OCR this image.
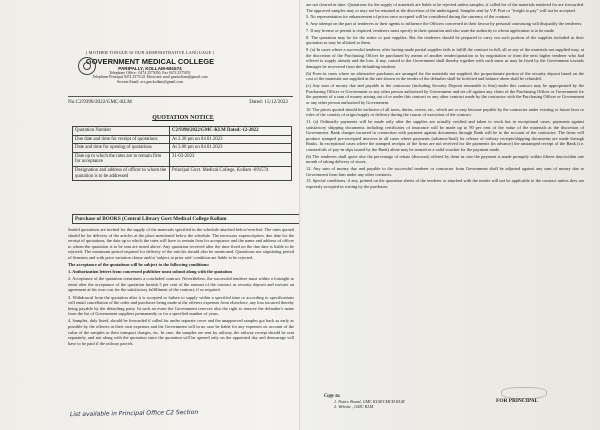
( MOTHER TONGUE IS OUR ADMINISTRATIVE LANGUAGE )
GOVERNMENT MEDICAL COLLEGE
PARIPALLY, KOLLAM-691574
Telephone Office : 0474 2575050, Fax 0474 2575051
Telephone Principal 0474 2575121 Electronic mail gmckollam@gmail.com
Section Email: acs.gmckollam@gmail.com
No.C2/9390/2022/GMC-KLM	Dated: 15/12/2022
QUOTATION NOTICE
Quotation Number	C2/9390/2022/GMC-KLM Dated:-12-2022
Due date and time for receipt of quotations	At 2.30 pm on 04.01.2023
Date and time for opening of quotations	At 3.00 pm on 04.01.2023
Date up to which the rates are to remain firm for acceptance	31-03-2023
Designation and address of officer to whom the quotation is to be addressed	Principal Govt. Medical College, Kollam -691574
Purchase of BOOKS (Central Library Govt Medical College Kollam

Sealed quotations are invited for the supply of the materials specified in the schedule attached below/overleaf. The rates quoted should be for delivery of the articles at the place mentioned below the schedule. The necessary superscription, due date for the receipt of quotations, the date up to which the rates will have to remain firm for acceptance and the name and address of officer to whom the quotation is to be sent are noted above. Any quotation received after the time fixed on the due date is liable to be rejected. The maximum period required for delivery of the articles should also be mentioned. Quotations not stipulating period of firmness and with price variation clause and/or 'subject to prior sale' condition are liable to be rejected.

The acceptance of the quotations will be subject to the following conditions:

1. Authorization letters from concerned publisher must submit along with the quotation

2. Acceptance of the quotation constitutes a concluded contract. Nevertheless, the successful tenderer must within a fortnight to remit after the acceptance of the quotation furnish 5 per cent of the amount of the contract as security deposit and execute an agreement at his own cost for the satisfactory fulfillment of the contract, if so required.

3. Withdrawal from the quotation after it is accepted or failure to supply within a specified time or according to specifications will entail cancellation of the order and purchases being made at the offerers expenses from elsewhere, any loss incurred thereby being payable by the defaulting party. In such an event the Government reserves also the right to remove the defaulter's name from the list of Government suppliers permanently or for a specified number of years.

4. Samples, duly listed, should be forwarded if called for under separate cover and the unapproved samples got back as early as possible by the offerers at their own expenses and the Government will in no case be liable for any expenses on account of the value of the samples or their transport charges, etc. In case, the samples are sent by railway, the railway receipt should be sent separately, and not along with the quotation since the quotation will be opened only on the appointed day and demurrage will have to be paid if the railway parcels

List available in Principal Office C2 Section

are not cleared in time. Quotations for the supply of materials are liable to be rejected unless samples, if called for of the materials tendered for are forwarded. The approved samples may or may not be returned at the discretion of the undersigned. Samples sent by V.P. Post or "freight to pay" will not be accepted.

5. No representation for enhancement of prices once accepted will be considered during the currency of the contract.

6. Any attempt on the part of tenderers or their agents to influence the Officers concerned in their favour by personal canvassing will disqualify the tenderers.

7. If any license or permit is required, tenderers must specify in their quotation and also state the authority to whom application is to be made.

8. The quotation may be for the entire or part supplies. But the tenderers should be prepared to carry out such portion of the supplies included in their quotation as may be allotted to them.

9. (a) In cases where a successful tenderer, after having made partial supplies fails to fulfill the contract in full, all or any of the materials not supplied may, at the discretion of the Purchasing Officer be purchased by means of another tender/quotation or by negotiation or from the next higher tenderer who had offered to supply already and the loss, if any, caused to the Government shall thereby together with such sums as may be fixed by the Government towards damages be recovered from the defaulting tenderer.

(b) Even in cases where no alternative purchases are arranged for the materials not supplied, the proportionate portion of the security deposit based on the cost of the materials not supplied at the rate shown in the tender of the defaulter shall be forfeited and balance alone shall be refunded.

(c) Any sum of money due and payable to the contractor (including Security Deposit returnable to him) under this contract may be appropriated by the Purchasing Officer or Government or any other person authorized by Government and set off against any claim of the Purchasing Officer or Government for the payment of a sum of money arising out of or under this contract or any other contract made by the contractor with the Purchasing Officer or Government or any other person authorized by Government.

10. The prices quoted should be inclusive of all taxes, duties, cesses, etc., which are or may become payable by the contractor under existing or future laws or rules of the country of origin/supply or delivery during the course of execution of the contract.

11. (a) Ordinarily payments will be made only after the supplies are actually verified and taken to stock but in exceptional cases, payments against satisfactory shipping documents including certificates of insurance will be made up to 90 per cent of the value of the materials at the discretion of Government. Bank charges incurred in connection with payment against documents through Bank will be to the account of the contractor. The firms will produce stamped pre-receipted invoices in all cases where payments (advance/final) for release of railway receipts/shipping documents are made through Banks. In exceptional cases where the stamped receipts of the firms are not received for the payments (in advance) the unstamped receipt of the Bank (i.e. counterfoils of pay-in slips issued by the Bank) alone may be treated as a valid voucher for the payment made.

(b) The tenderers shall quote also the percentage of rebate (discount) offered by them in case the payment is made promptly within fifteen days/within one month of taking delivery of stores.

12. Any sum of money due and payable to the successful tenderer or contractor from Government shall be adjusted against any sum of money due to Government from him under any other contracts.

13. Special conditions, if any, printed on the quotation sheets of the tenderer or attached with the tender will not be applicable to the contract unless they are expressly accepted in writing by the purchaser.

Copy to:
1. Notice Board, GMC KLM/CMCH KLM
2. Website , GMC KLM
FOR PRINCIPAL
